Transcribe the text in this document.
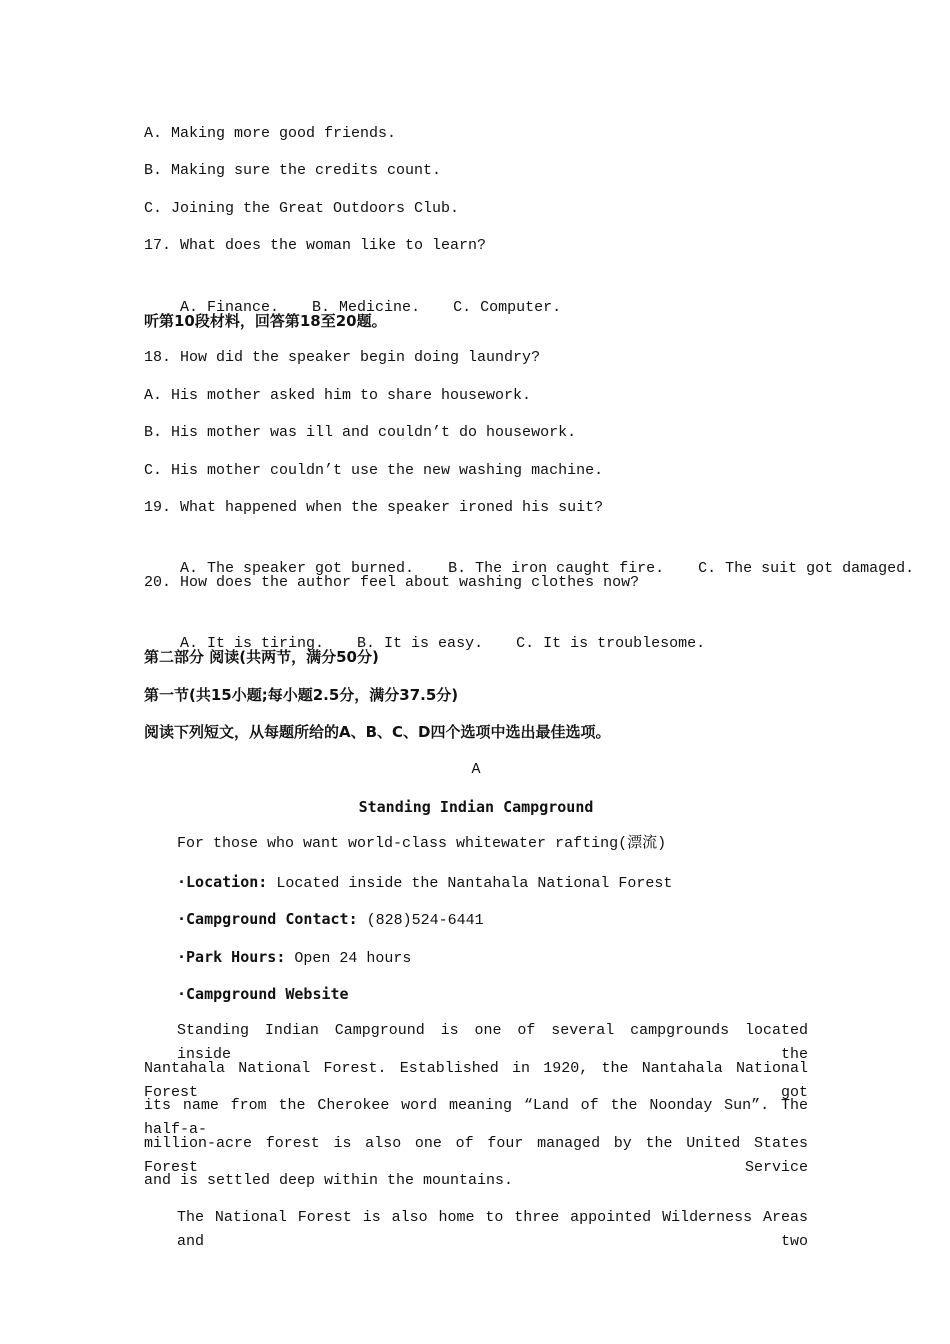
A. Making more good friends.
B. Making sure the credits count.
C. Joining the Great Outdoors Club.
17. What does the woman like to learn?

A. Finance. B. Medicine. C. Computer.

听第10段材料，回答第18至20题。
18. How did the speaker begin doing laundry?
A. His mother asked him to share housework.
B. His mother was ill and couldn’t do housework.
C. His mother couldn’t use the new washing machine.
19. What happened when the speaker ironed his suit?

A. The speaker got burned. B. The iron caught fire. C. The suit got damaged.

20. How does the author feel about washing clothes now?

A. It is tiring. B. It is easy. C. It is troublesome.

第二部分 阅读(共两节，满分50分)
第一节(共15小题;每小题2.5分，满分37.5分)
阅读下列短文，从每题所给的A、B、C、D四个选项中选出最佳选项。
A
Standing Indian Campground
For those who want world-class whitewater rafting(漂流)
·Location: Located inside the Nantahala National Forest
·Campground Contact: (828)524-6441
·Park Hours: Open 24 hours
·Campground Website
Standing Indian Campground is one of several campgrounds located inside the
Nantahala National Forest. Established in 1920, the Nantahala National Forest got
its name from the Cherokee word meaning “Land of the Noonday Sun”. The half-a-
million-acre forest is also one of four managed by the United States Forest Service
and is settled deep within the mountains.
The National Forest is also home to three appointed Wilderness Areas and two
